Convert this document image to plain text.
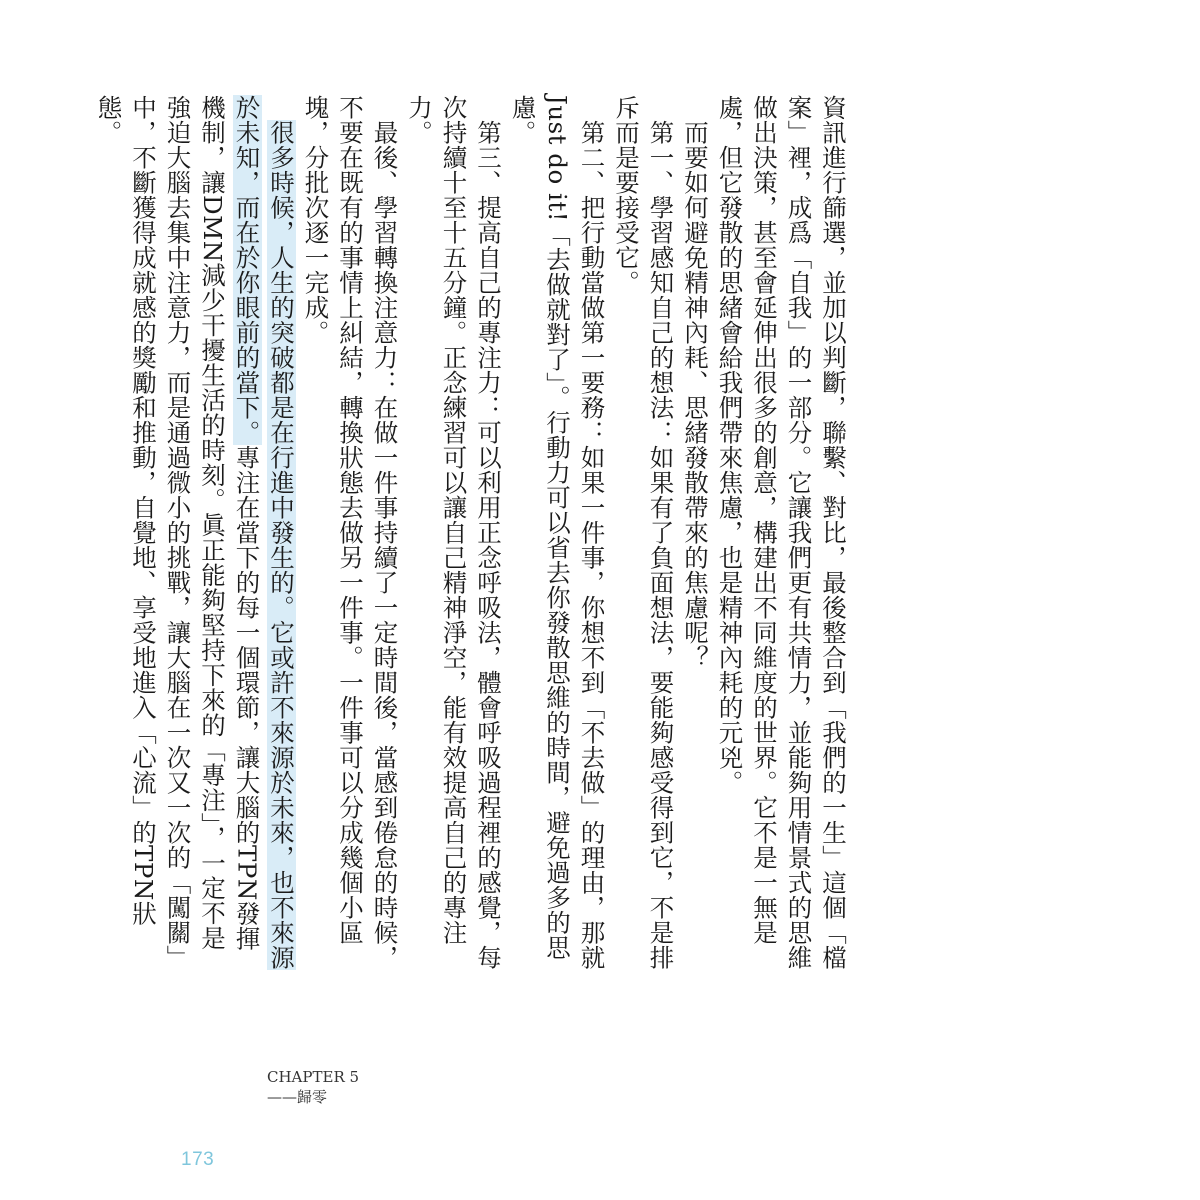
資訊進行篩選，並加以判斷，聯繫、對比，最後整合到「我們的一生」這個「檔案」裡，成爲「自我」的一部分。它讓我們更有共情力，並能夠用情景式的思維做出決策，甚至會延伸出很多的創意，構建出不同維度的世界。它不是一無是處，但它發散的思緒會給我們帶來焦慮，也是精神內耗的元兇。

而要如何避免精神內耗、思緒發散帶來的焦慮呢？

第一、學習感知自己的想法：如果有了負面想法，要能夠感受得到它，不是排斥而是要接受它。

第二、把行動當做第一要務：如果一件事，你想不到「不去做」的理由，那就Just do it!「去做就對了」。行動力可以省去你發散思維的時間，避免過多的思慮。

第三、提高自己的專注力：可以利用正念呼吸法，體會呼吸過程裡的感覺，每次持續十至十五分鐘。正念練習可以讓自己精神淨空，能有效提高自己的專注力。

最後、學習轉換注意力：在做一件事持續了一定時間後，當感到倦怠的時候，不要在既有的事情上糾結，轉換狀態去做另一件事。一件事可以分成幾個小區塊，分批次逐一完成。

很多時候，人生的突破都是在行進中發生的。它或許不來源於未來，也不來源於未知，而在於你眼前的當下。專注在當下的每一個環節，讓大腦的TPN發揮機制，讓DMN減少干擾生活的時刻。眞正能夠堅持下來的「專注」，一定不是強迫大腦去集中注意力，而是通過微小的挑戰，讓大腦在一次又一次的「闖關」中，不斷獲得成就感的獎勵和推動，自覺地、享受地進入「心流」的TPN狀態。

CHAPTER 5
——歸零
173
